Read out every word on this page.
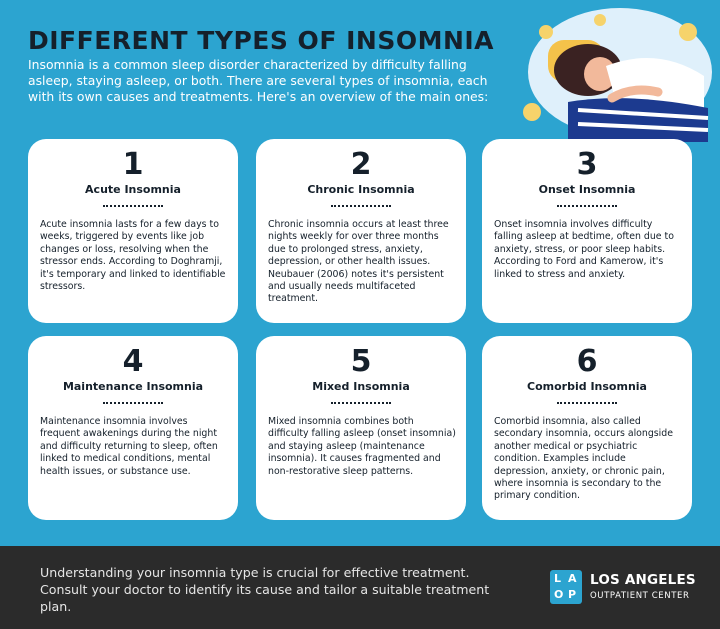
DIFFERENT TYPES OF INSOMNIA
Insomnia is a common sleep disorder characterized by difficulty falling asleep, staying asleep, or both. There are several types of insomnia, each with its own causes and treatments. Here's an overview of the main ones:
1
Acute Insomnia
Acute insomnia lasts for a few days to weeks, triggered by events like job changes or loss, resolving when the stressor ends. According to Doghramji, it's temporary and linked to identifiable stressors.
2
Chronic Insomnia
Chronic insomnia occurs at least three nights weekly for over three months due to prolonged stress, anxiety, depression, or other health issues. Neubauer (2006) notes it's persistent and usually needs multifaceted treatment.
3
Onset Insomnia
Onset insomnia involves difficulty falling asleep at bedtime, often due to anxiety, stress, or poor sleep habits. According to Ford and Kamerow, it's linked to stress and anxiety.
4
Maintenance Insomnia
Maintenance insomnia involves frequent awakenings during the night and difficulty returning to sleep, often linked to medical conditions, mental health issues, or substance use.
5
Mixed Insomnia
Mixed insomnia combines both difficulty falling asleep (onset insomnia) and staying asleep (maintenance insomnia). It causes fragmented and non-restorative sleep patterns.
6
Comorbid Insomnia
Comorbid insomnia, also called secondary insomnia, occurs alongside another medical or psychiatric condition. Examples include depression, anxiety, or chronic pain, where insomnia is secondary to the primary condition.
Understanding your insomnia type is crucial for effective treatment. Consult your doctor to identify its cause and tailor a suitable treatment plan.
L A
O P
LOS ANGELES
OUTPATIENT CENTER
